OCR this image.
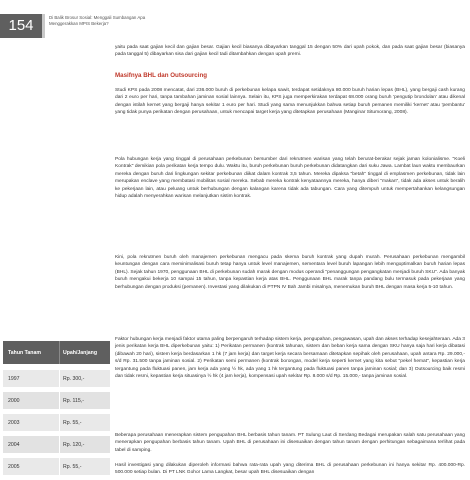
154	Di Balik Brosur Sosial: Menggali Sumbangan Apa Menggerakkan MPIS Bekerja?

yaitu pada saat gajian kecil dan gajian besar. Gajian kecil biasanya dibayarkan tanggal 15 dengan 50% dari upah pokok, dan pada saat gajian besar (biasanya pada tanggal 5) dibayarkan sisa dari gajian kecil tadi ditambahkan dengan upah premi.

Masifnya BHL dan Outsourcing

Studi KPS pada 2008 mencatat, dari 236.000 buruh di perkebunan kelapa sawit, terdapat setidaknya 80.000 buruh harian lepas (BHL), yang bergaji cash kurang dari 2 euro per hari, tanpa tambahan jaminan sosial lainnya. Selain itu, KPS juga memperkirakan terdapat 68.000 orang buruh 'pengutip brondolan' atau dikenal dengan istilah kernet yang bergaji hanya sekitar 1 euro per hari. Studi yang sama menunjukkan bahwa setiap buruh pemanen memiliki 'kernet' atau 'pembantu' yang tidak punya perikatan dengan perusahaan, untuk mencapai target kerja yang ditetapkan perusahaan (Manginar Situmorang, 2008).

Pola hubungan kerja yang tinggal di perusahaan perkebunan bersumber dari rekrutmen warisan yang telah berurat-berakar sejak jaman kolonialisme. "Koeli Kontrak" demikian pola perikatan kerja tempo dulu. Waktu itu, buruh perkebunan buruh perkebunan didatangkan dari suku Jawa. Lambat laun waktu membaurkan mereka dengan buruh dari lingkungan sekitar perkebunan diikat dalam kontrak 3,5 tahun. Mereka dipaksa "betah" tinggal di emplasmen perkebunan, tidak lain merupakan enclave yang membatasi mobilitas sosial mereka. Sebab mereka kontrak kenyataannya mereka, hanya diberi "makan", tidak ada akses untuk beralih ke pekerjaan lain, atau peluang untuk berhubungan dengan kalangan karena tidak ada tabungan. Cara yang ditempuh untuk mempertahankan kelangsungan hidup adalah menyerahkan warisan melanjutkan sistim kontrak.

Kini, pola rekrutmen buruh oleh manajemen perkebunan mengacu pada skema buruh kontrak yang dupah murah. Perusahaan perkebunan mengambil keuntungan dengan cara meminimalisasi buruh tetap hanya untuk level manajemen, sementara level buruh lapangan lebih mengoptimalkan buruh harian lepas (BHL). Sejak tahun 1970, penggunaan BHL di perkebunan sudah marak dengan modus operandi "penanggungan pengangkatan menjadi buruh SKU". Ada banyak buruh mengakui bekerja 10 sampai 15 tahun, tanpa kepastian kerja atas BHL. Penggunaan BHL marak tanpa pandang bulu termasuk pada pekerjaan yang berhubungan dengan produksi (pemanen). Investasi yang dilakukan di PTPN IV Bah Jambi misalnya, menemukan buruh BHL dengan masa kerja 5-10 tahun.

Faktor hubungan kerja menjadi faktor utama paling berpengaruh terhadap sistem kerja, pengupahan, pengawasan, upah dan akses terhadap kesejahteraan. Ada 3 jenis perikatan kerja BHL diperkebunan yaitu: 1) Perikatan permanen (kontrak tahunan, sistem dan beban kerja sama dengan SKU hanya saja hari kerja dibatasi (dibawah 20 hari), sistem kerja berdasarkan 1 hk (7 jam kerja) dan target kerja secara bersamaan ditetapkan sepihak oleh perusahaan, upah antara Rp. 29.000,- s/d Rp. 31.500 tanpa jaminan sosial. 2) Perikatan semi permanen (kontrak borongan, model kerja seperti kernet yang kita sebut "pekel hemat", kepastian kerja tergantung pada fluktuasi panen, jam kerja ada yang ½ hk, ada yang 1 hk tergantung pada fluktuasi panen tanpa jaminan sosial; dan 3) Outsourcing baik resmi dan tidak resmi, kepastian kerja situasinya ½ hk (4 jam kerja), kompensasi upah sekitar Rp. 8.000 s/d Rp. 15.000,- tanpa jaminan sosial.

Beberapa perusahaan menerapkan sistem pengupahan BHL berbasis tahun tanam. PT Sulung Laut di Serdang Bedagai merupakan salah satu perusahaan yang menerapkan pengupahan berbasis tahun tanam. Upah BHL di perusahaan ini disesuaikan dengan tahun tanam dengan perhitungan sebagaimana terlihat pada tabel di samping.

Hasil investigasi yang dilakukan diperoleh informasi bahwa rata-rata upah yang diterima BHL di perusahaan perkebunan ini hanya sekitar Rp. 400.000-Rp. 500.000 setiap bulan. Di PT LNK Gohor Lama Langkat, besar upah BHL disesuaikan dengan

Tahun Tanam	Upah/Janjang
1997	Rp. 300,-
2000	Rp. 115,-
2003	Rp. 55,-
2004	Rp. 120,-
2005	Rp. 55,-
